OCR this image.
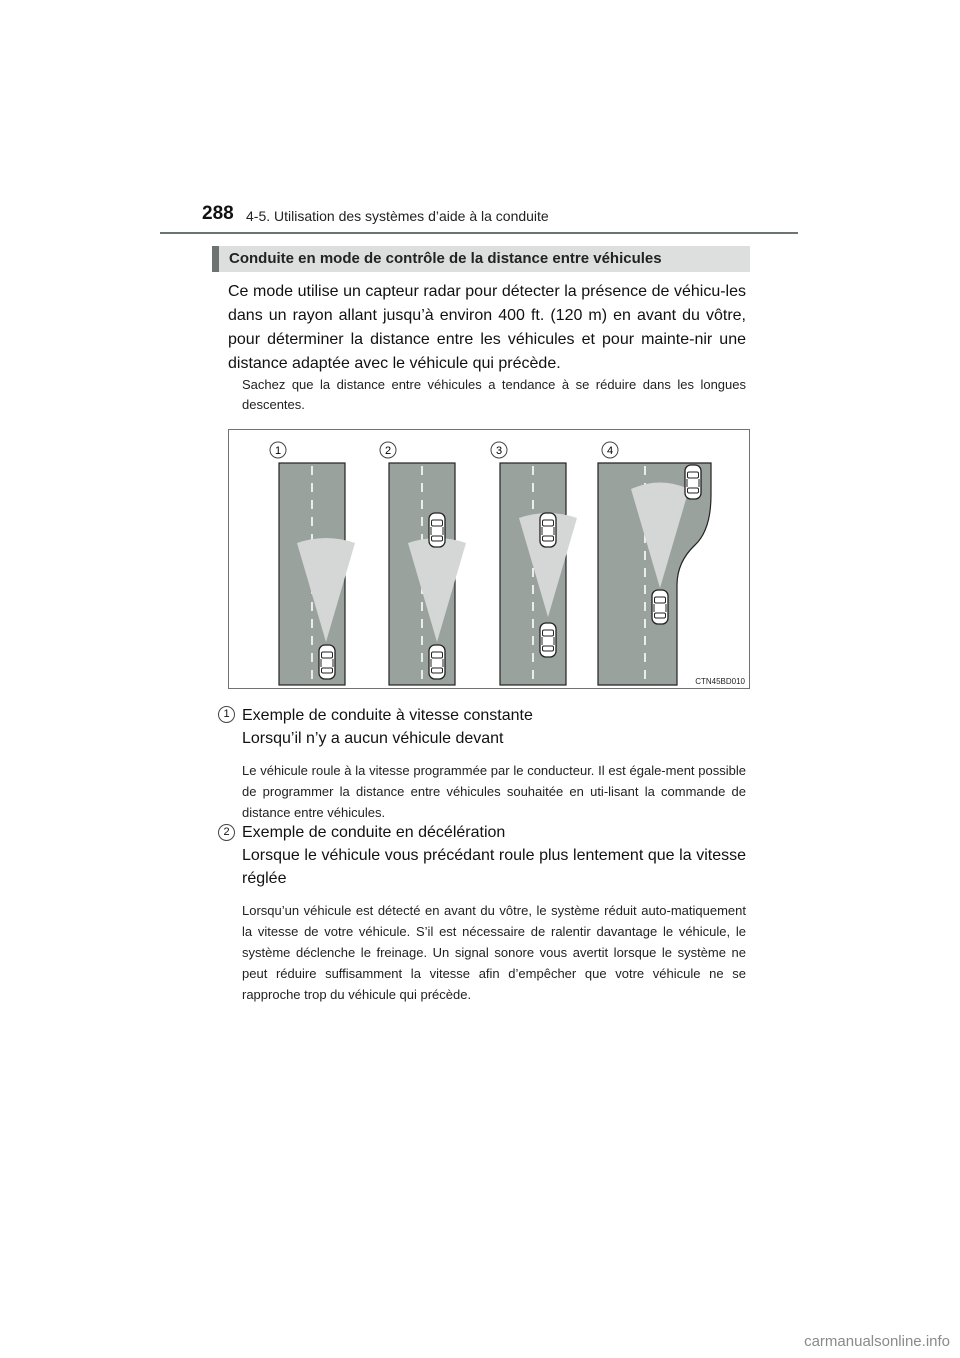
288 4-5. Utilisation des systèmes d’aide à la conduite
Conduite en mode de contrôle de la distance entre véhicules

Ce mode utilise un capteur radar pour détecter la présence de véhicu-les dans un rayon allant jusqu’à environ 400 ft. (120 m) en avant du vôtre, pour déterminer la distance entre les véhicules et pour mainte-nir une distance adaptée avec le véhicule qui précède.

Sachez que la distance entre véhicules a tendance à se réduire dans les longues descentes.

1	2	3	4
CTN45BD010
1 Exemple de conduite à vitesse constante

Lorsqu’il n’y a aucun véhicule devant

Le véhicule roule à la vitesse programmée par le conducteur. Il est égale-ment possible de programmer la distance entre véhicules souhaitée en uti-lisant la commande de distance entre véhicules.

2 Exemple de conduite en décélération

Lorsque le véhicule vous précédant roule plus lentement que la vitesse réglée

Lorsqu’un véhicule est détecté en avant du vôtre, le système réduit auto-matiquement la vitesse de votre véhicule. S’il est nécessaire de ralentir davantage le véhicule, le système déclenche le freinage. Un signal sonore vous avertit lorsque le système ne peut réduire suffisamment la vitesse afin d’empêcher que votre véhicule ne se rapproche trop du véhicule qui précède.

carmanualsonline.info
